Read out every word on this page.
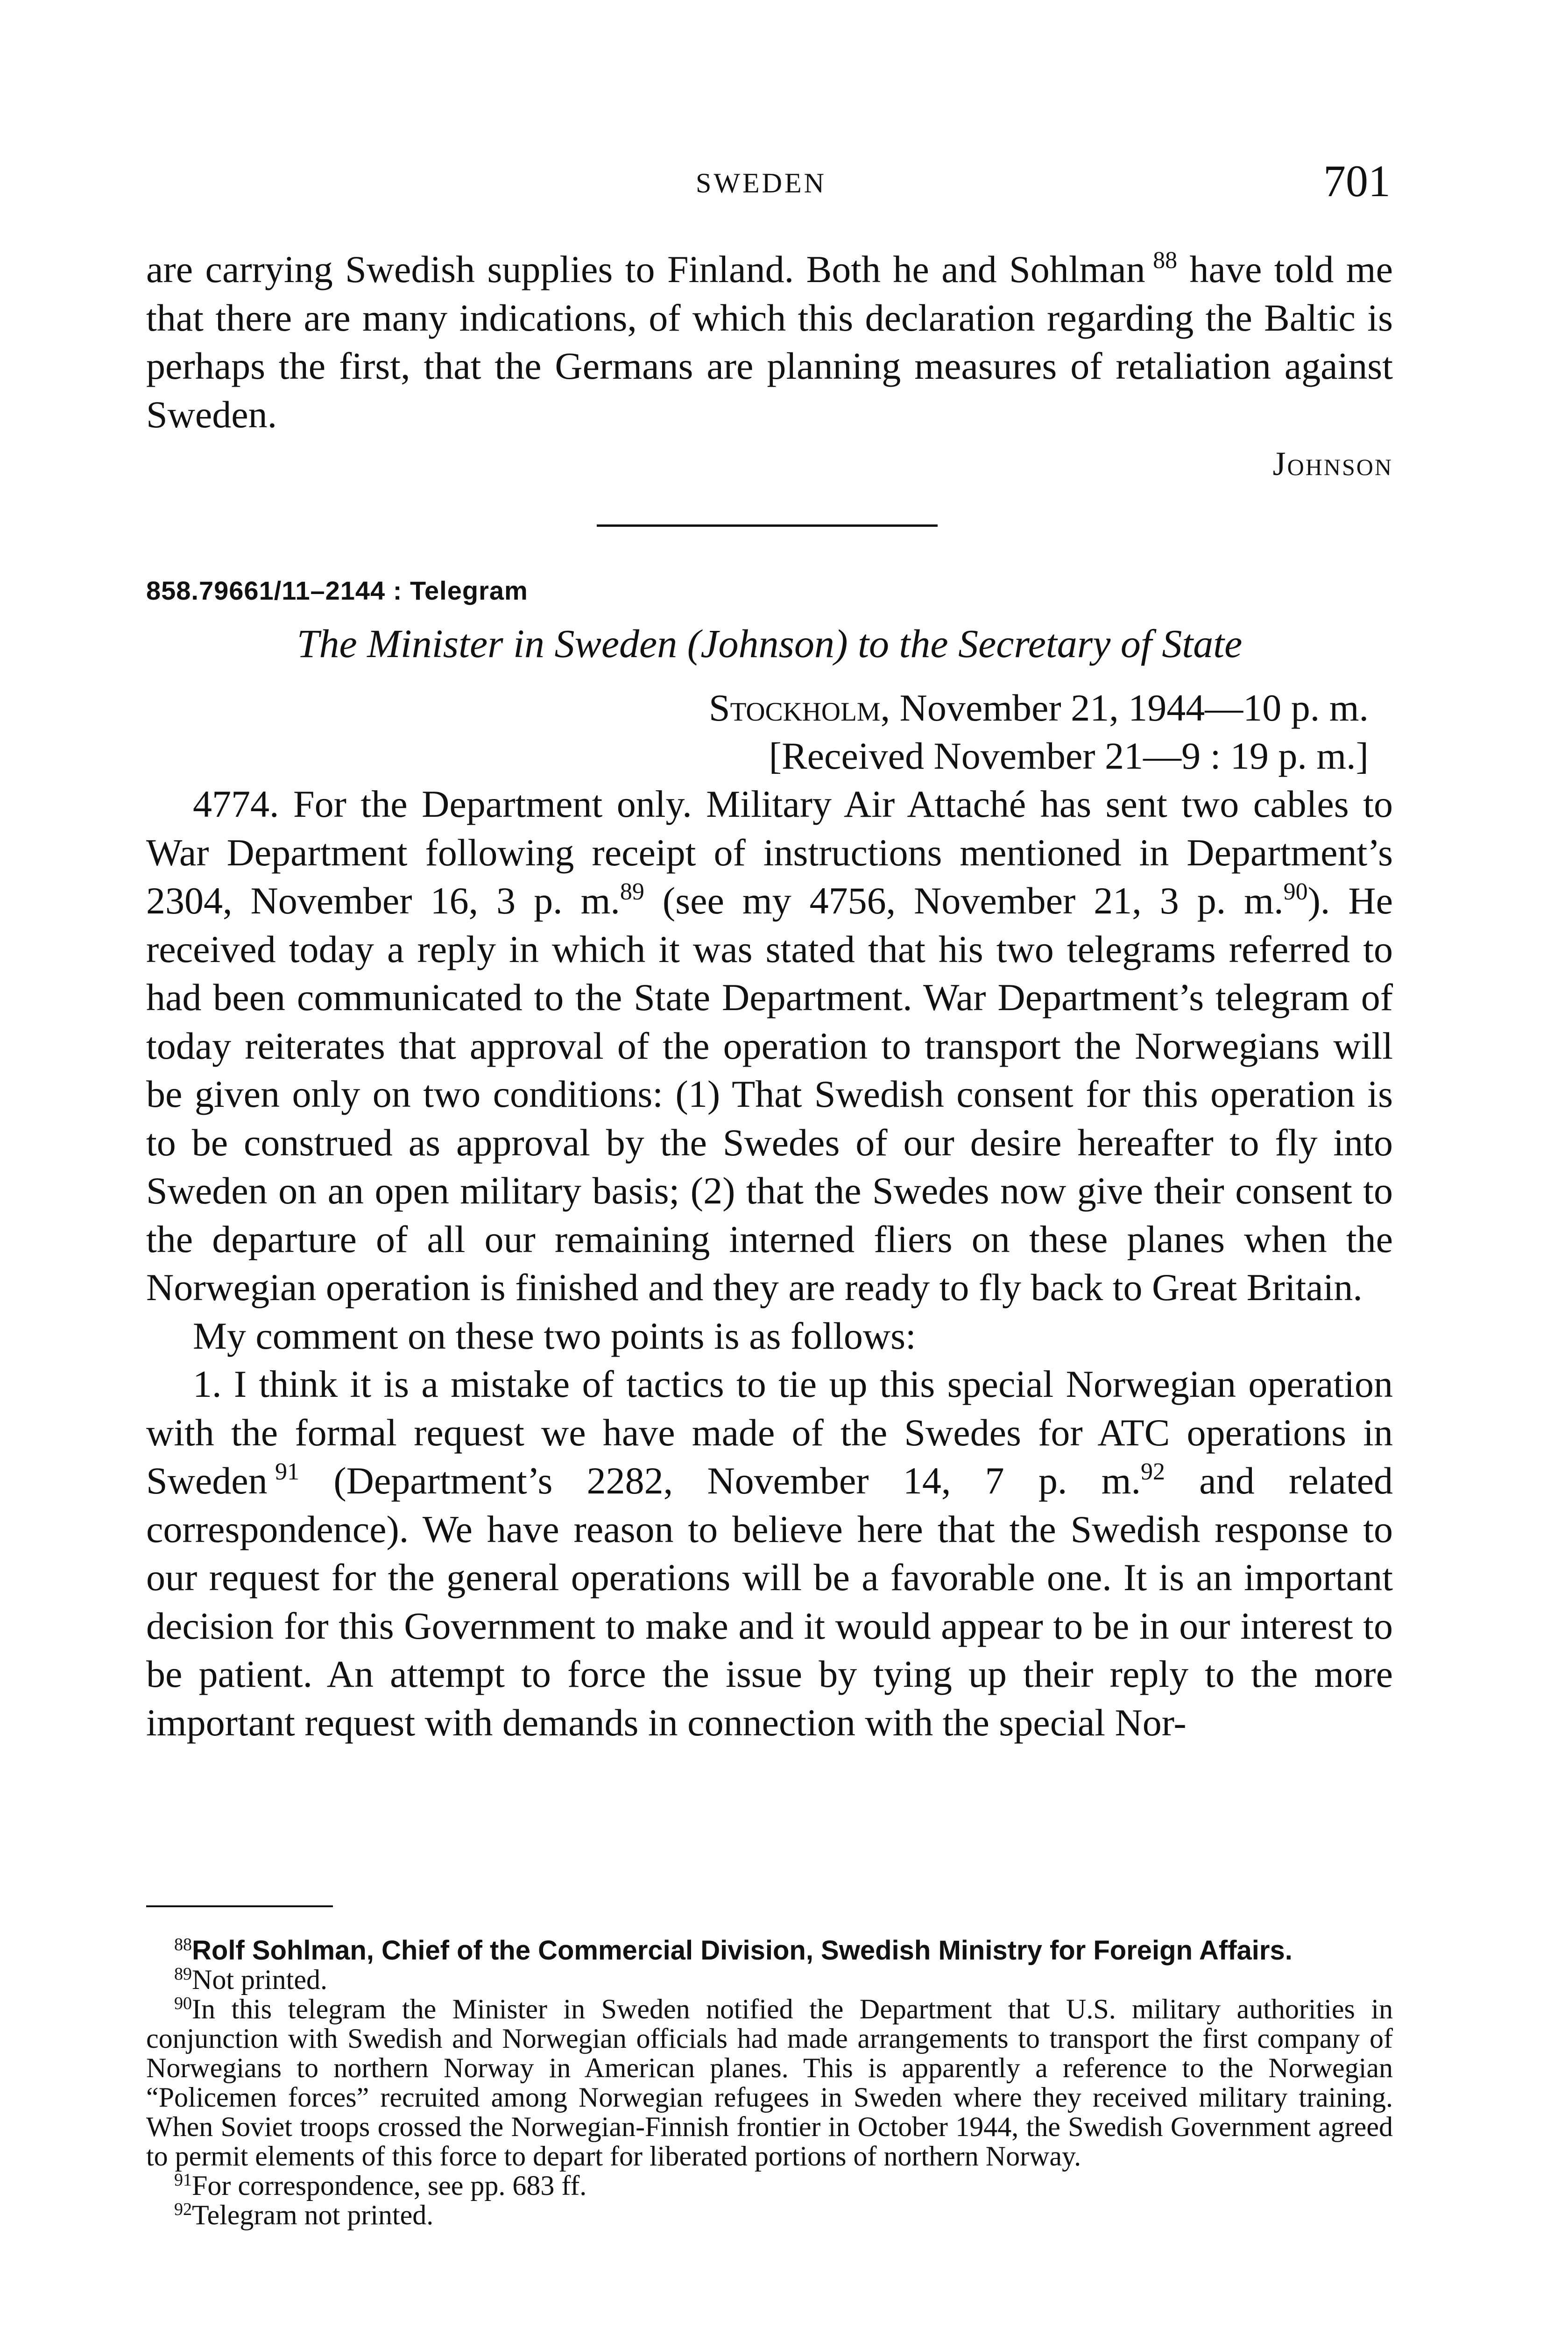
SWEDEN	701

are carrying Swedish supplies to Finland. Both he and Sohlman  $^{88}$ have told me that there are many indications, of which this declaration regarding the Baltic is perhaps the first, that the Germans are planning measures of retaliation against Sweden.

Johnson
858.79661/11–2144 : Telegram
The Minister in Sweden (Johnson) to the Secretary of State
Stockholm, November 21, 1944—10 p. m.
[Received November 21—9 : 19 p. m.]

4774. For the Department only. Military Air Attaché has sent two cables to War Department following receipt of instructions mentioned in Department’s 2304, November 16, 3 p. m.$^{89}$ (see my 4756, November 21, 3 p. m.$^{90}$). He received today a reply in which it was stated that his two telegrams referred to had been communicated to the State Department. War Department’s telegram of today reiterates that approval of the operation to transport the Norwegians will be given only on two conditions: (1) That Swedish consent for this operation is to be construed as approval by the Swedes of our desire hereafter to fly into Sweden on an open military basis; (2) that the Swedes now give their consent to the departure of all our remaining interned fliers on these planes when the Norwegian operation is finished and they are ready to fly back to Great Britain.

My comment on these two points is as follows:

1. I think it is a mistake of tactics to tie up this special Norwegian operation with the formal request we have made of the Swedes for ATC operations in Sweden  $^{91}$ (Department’s 2282, November 14, 7 p. m.$^{92}$ and related correspondence). We have reason to believe here that the Swedish response to our request for the general operations will be a favorable one. It is an important decision for this Government to make and it would appear to be in our interest to be patient. An attempt to force the issue by tying up their reply to the more important request with demands in connection with the special Nor-

$^{88}$Rolf Sohlman, Chief of the Commercial Division, Swedish Ministry for Foreign Affairs.

$^{89}$Not printed.

$^{90}$In this telegram the Minister in Sweden notified the Department that U.S. military authorities in conjunction with Swedish and Norwegian officials had made arrangements to transport the first company of Norwegians to northern Norway in American planes. This is apparently a reference to the Norwegian “Policemen forces” recruited among Norwegian refugees in Sweden where they received military training. When Soviet troops crossed the Norwegian-Finnish frontier in October 1944, the Swedish Government agreed to permit elements of this force to depart for liberated portions of northern Norway.

$^{91}$For correspondence, see pp. 683 ff.

$^{92}$Telegram not printed.
